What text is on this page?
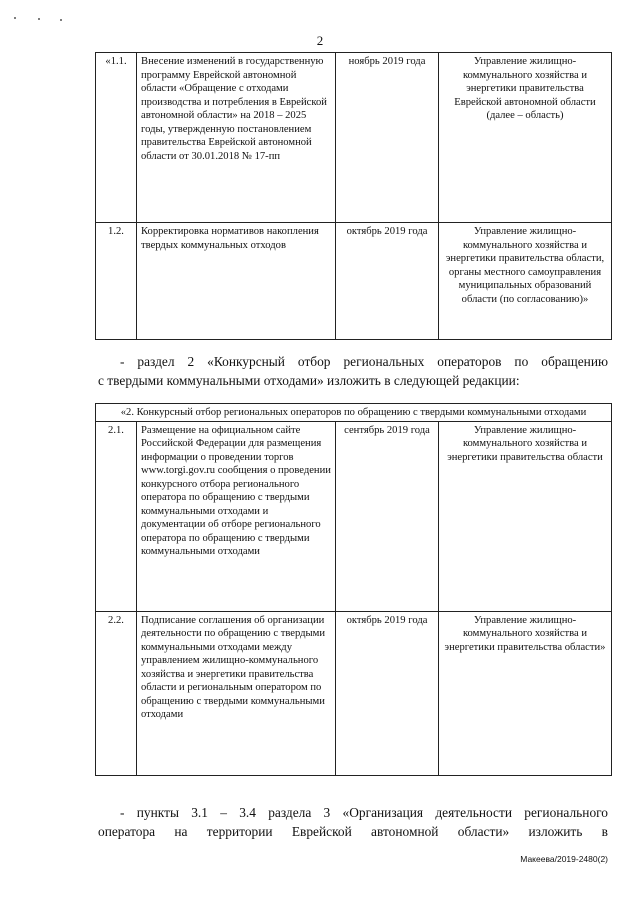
2
«1.1.	Внесение изменений в государственную программу Еврейской автономной области «Обращение с отходами производства и потребления в Еврейской автономной области» на 2018 – 2025 годы, утвержденную постановлением правительства Еврейской автономной области от 30.01.2018 № 17-пп	ноябрь 2019 года	Управление жилищно-коммунального хозяйства и энергетики правительства Еврейской автономной области (далее – область)
1.2.	Корректировка нормативов накопления твердых коммунальных отходов	октябрь 2019 года	Управление жилищно-коммунального хозяйства и энергетики правительства области, органы местного самоуправления муниципальных образований области (по согласованию)»
- раздел 2 «Конкурсный отбор региональных операторов по обращению
с твердыми коммунальными отходами» изложить в следующей редакции:
«2. Конкурсный отбор региональных операторов по обращению с твердыми коммунальными отходами			
2.1.	Размещение на официальном сайте Российской Федерации для размещения информации о проведении торгов www.torgi.gov.ru сообщения о проведении конкурсного отбора регионального оператора по обращению с твердыми коммунальными отходами и документации об отборе регионального оператора по обращению с твердыми коммунальными отходами	сентябрь 2019 года	Управление жилищно-коммунального хозяйства и энергетики правительства области
2.2.	Подписание соглашения об организации деятельности по обращению с твердыми коммунальными отходами между управлением жилищно-коммунального хозяйства и энергетики правительства области и региональным оператором по обращению с твердыми коммунальными отходами	октябрь 2019 года	Управление жилищно-коммунального хозяйства и энергетики правительства области»
- пункты 3.1 – 3.4 раздела 3 «Организация деятельности регионального
оператора на территории Еврейской автономной области» изложить в
Макеева/2019-2480(2)
